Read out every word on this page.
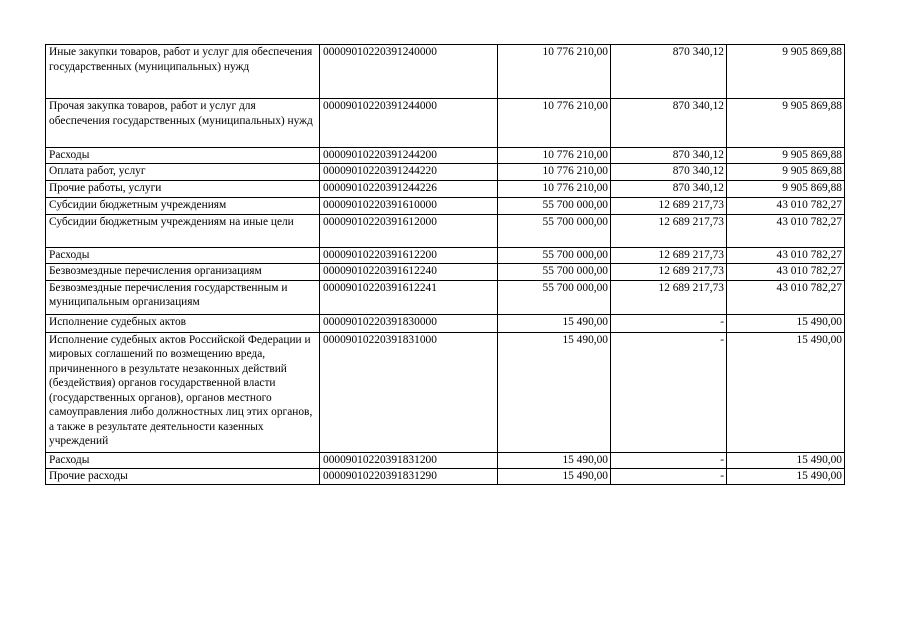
Иные закупки товаров, работ и услуг для обеспечения государственных (муниципальных) нужд	00009010220391240000	10 776 210,00	870 340,12	9 905 869,88
Прочая закупка товаров, работ и услуг для обеспечения государственных (муниципальных) нужд	00009010220391244000	10 776 210,00	870 340,12	9 905 869,88
Расходы	00009010220391244200	10 776 210,00	870 340,12	9 905 869,88
Оплата работ, услуг	00009010220391244220	10 776 210,00	870 340,12	9 905 869,88
Прочие работы, услуги	00009010220391244226	10 776 210,00	870 340,12	9 905 869,88
Субсидии бюджетным учреждениям	00009010220391610000	55 700 000,00	12 689 217,73	43 010 782,27
Субсидии бюджетным учреждениям на иные цели	00009010220391612000	55 700 000,00	12 689 217,73	43 010 782,27
Расходы	00009010220391612200	55 700 000,00	12 689 217,73	43 010 782,27
Безвозмездные перечисления организациям	00009010220391612240	55 700 000,00	12 689 217,73	43 010 782,27
Безвозмездные перечисления государственным и муниципальным организациям	00009010220391612241	55 700 000,00	12 689 217,73	43 010 782,27
Исполнение судебных актов	00009010220391830000	15 490,00	-	15 490,00
Исполнение судебных актов Российской Федерации и мировых соглашений по возмещению вреда, причиненного в результате незаконных действий (бездействия) органов государственной власти (государственных органов), органов местного самоуправления либо должностных лиц этих органов, а также в результате деятельности казенных учреждений	00009010220391831000	15 490,00	-	15 490,00
Расходы	00009010220391831200	15 490,00	-	15 490,00
Прочие расходы	00009010220391831290	15 490,00	-	15 490,00
